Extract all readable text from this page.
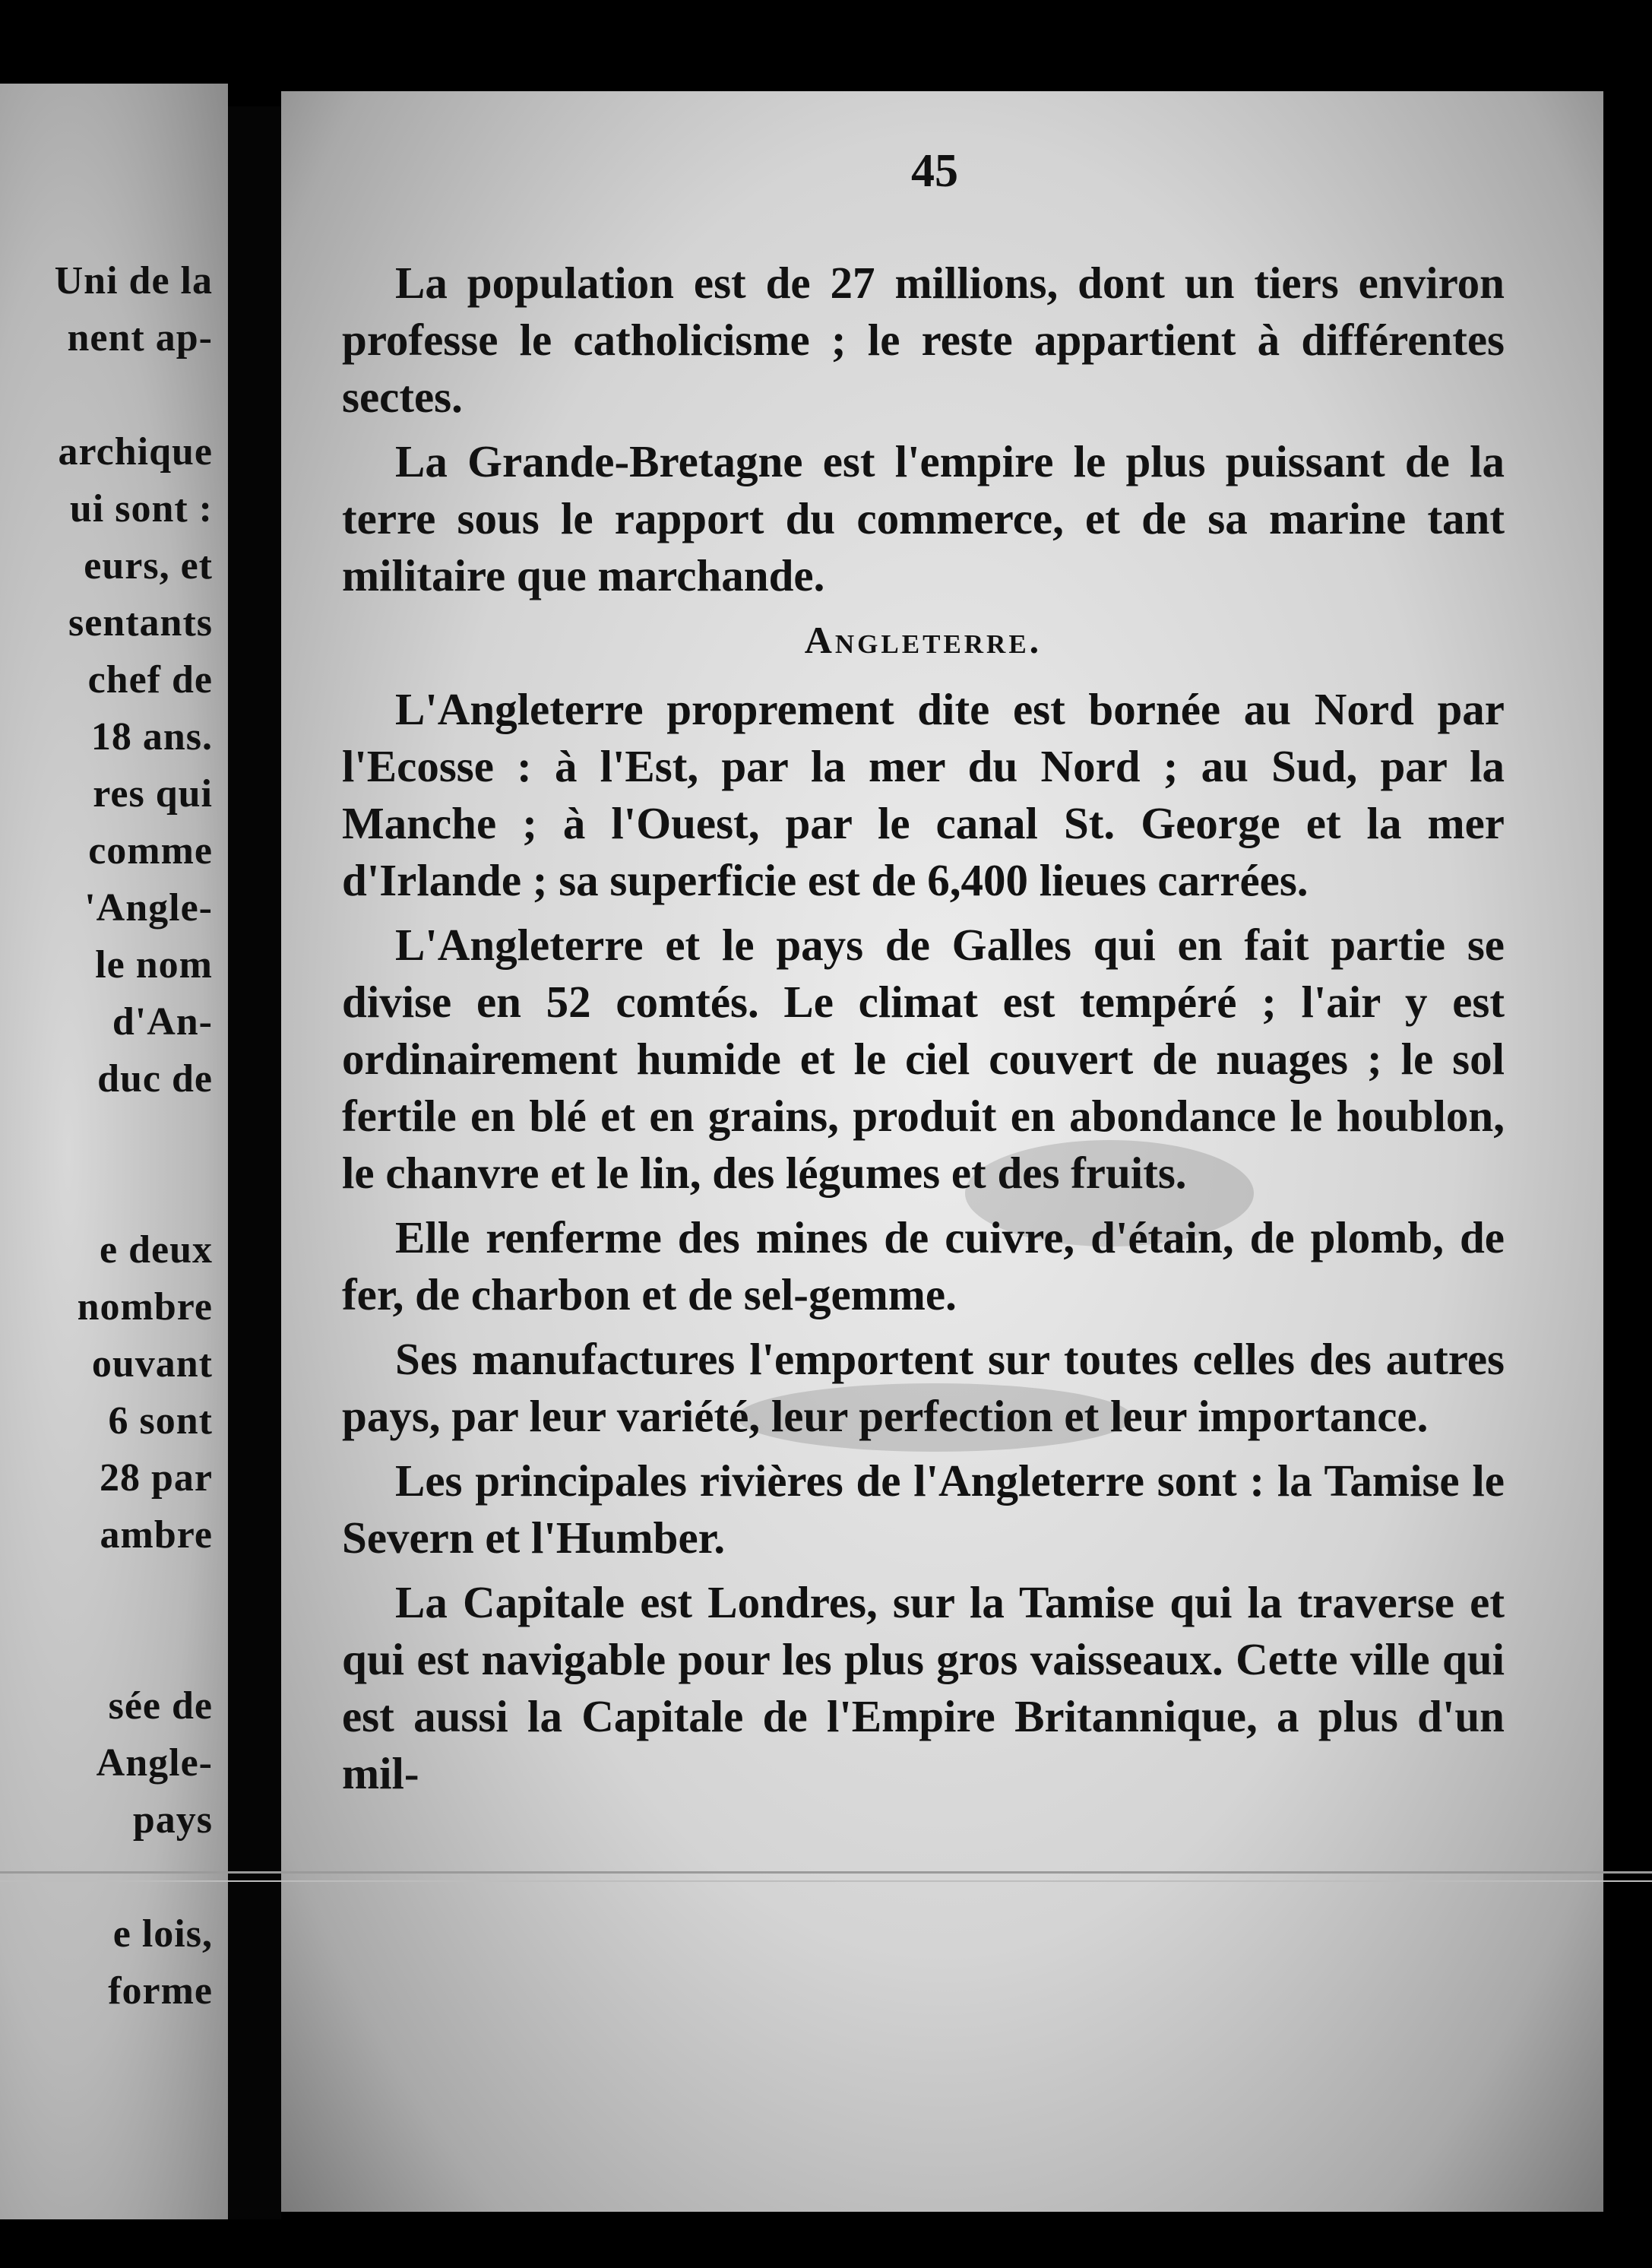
Uni de la
nent ap-
archique
ui sont :
eurs, et
sentants
chef de
18 ans.
res qui
comme
'Angle-
le nom
d'An-
duc de
e deux
nombre
ouvant
6 sont
28 par
ambre
sée de
Angle-
pays
e lois,
forme
45

La population est de 27 millions, dont un tiers environ professe le catholicisme ; le reste appartient à différentes sectes.

La Grande-Bretagne est l'empire le plus puissant de la terre sous le rapport du commerce, et de sa marine tant militaire que marchande.

Angleterre.

L'Angleterre proprement dite est bornée au Nord par l'Ecosse : à l'Est, par la mer du Nord ; au Sud, par la Manche ; à l'Ouest, par le canal St. George et la mer d'Irlande ; sa superficie est de 6,400 lieues carrées.

L'Angleterre et le pays de Galles qui en fait partie se divise en 52 comtés. Le climat est tempéré ; l'air y est ordinairement humide et le ciel couvert de nuages ; le sol fertile en blé et en grains, produit en abondance le houblon, le chanvre et le lin, des légumes et des fruits.

Elle renferme des mines de cuivre, d'étain, de plomb, de fer, de charbon et de sel-gemme.

Ses manufactures l'emportent sur toutes celles des autres pays, par leur variété, leur perfection et leur importance.

Les principales rivières de l'Angleterre sont : la Tamise le Severn et l'Humber.

La Capitale est Londres, sur la Tamise qui la traverse et qui est navigable pour les plus gros vaisseaux. Cette ville qui est aussi la Capitale de l'Empire Britannique, a plus d'un mil-
